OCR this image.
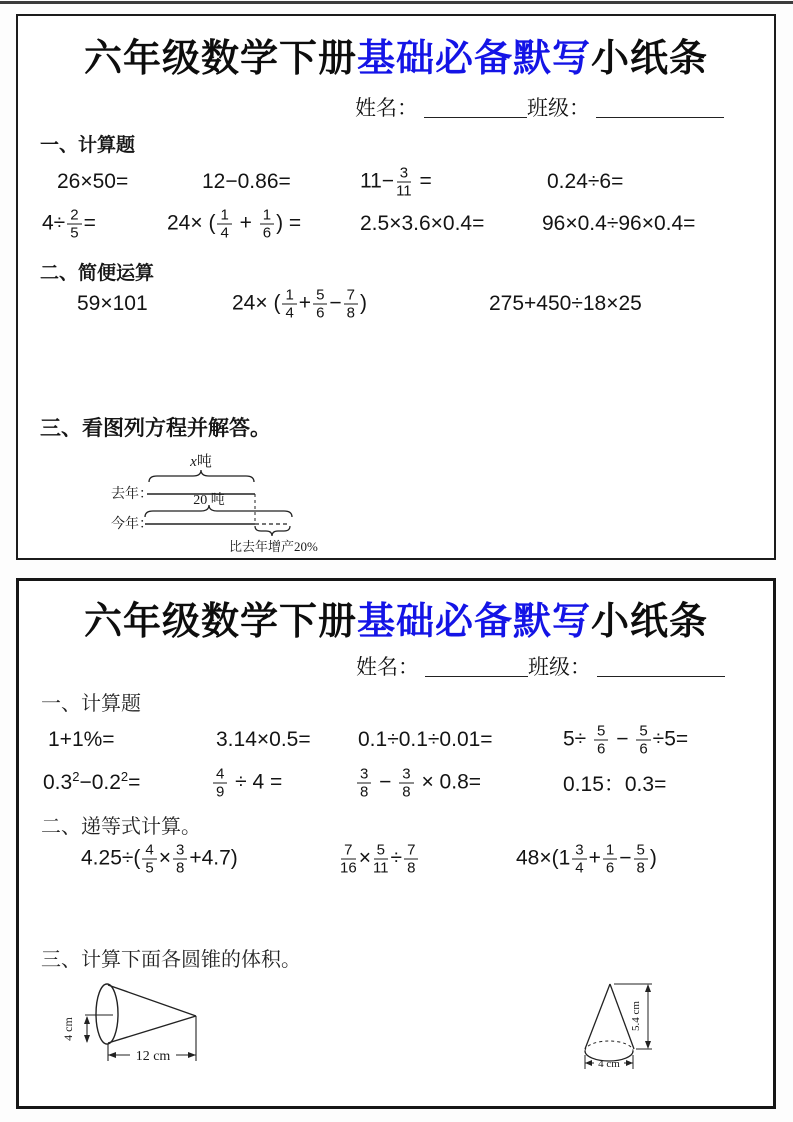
六年级数学下册基础必备默写小纸条
姓名：	班级：
一、计算题
26×50=	12−0.86=	$11- \frac{3}{11}$ =	0.24÷6=
$4\div \frac{2}{5}$ =	24× ( $\frac{1}{4} + \frac{1}{6}$ ) =	2.5×3.6×0.4=	96×0.4÷96×0.4=
二、简便运算
59×101	24× ( $\frac{1}{4} + \frac{5}{6} - \frac{7}{8}$ )	275+450÷18×25
三、看图列方程并解答。
x吨
去年：	20 吨
今年：
比去年增产20%
六年级数学下册基础必备默写小纸条
姓名：	班级：
一、计算题
1+1%=	3.14×0.5= 0.1÷0.1÷0.01=	$5\div \frac{5}{6} - \frac{5}{6} \div 5=$
$0.3^2-0.2^2=$	$\frac{4}{9} \div 4$ =	$\frac{3}{8} - \frac{3}{8} \times 0.8=$	0.15：0.3=
二、递等式计算。
$4.25\div( \frac{4}{5} \times \frac{3}{8} +4.7)$	$\frac{7}{16} \times \frac{5}{11} \div \frac{7}{8}$	$48\times(1 \frac{3}{4} + \frac{1}{6} - \frac{5}{8}$ )
三、计算下面各圆锥的体积。
4 cm
12 cm
5.4 cm
4 cm
